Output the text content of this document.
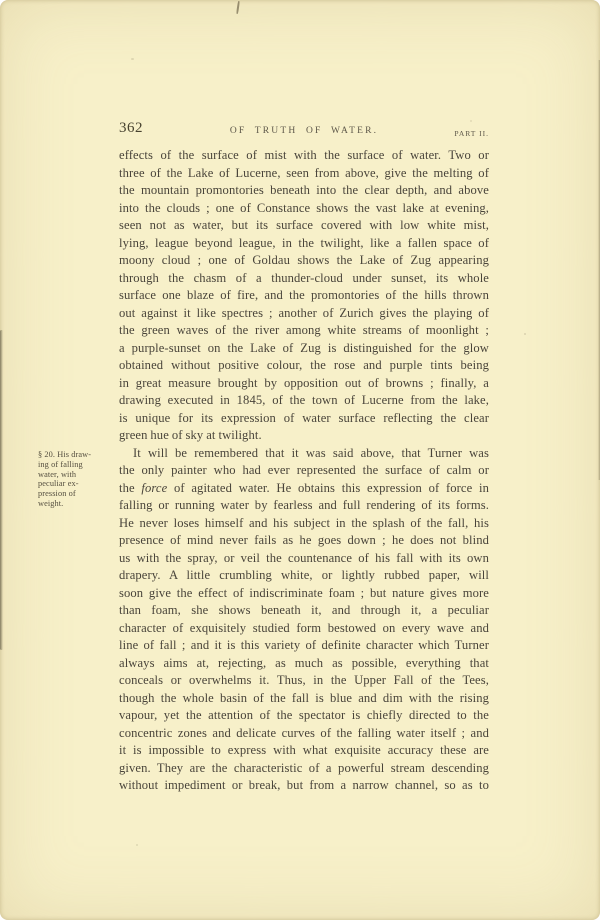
362	OF TRUTH OF WATER.	PART II.
§ 20. His draw-
ing of falling
water, with
peculiar ex-
pression of
weight.
effects of the surface of mist with the surface of water. Two or
three of the Lake of Lucerne, seen from above, give the melting of
the mountain promontories beneath into the clear depth, and above
into the clouds ; one of Constance shows the vast lake at evening,
seen not as water, but its surface covered with low white mist,
lying, league beyond league, in the twilight, like a fallen space of
moony cloud ; one of Goldau shows the Lake of Zug appearing
through the chasm of a thunder-cloud under sunset, its whole
surface one blaze of fire, and the promontories of the hills thrown
out against it like spectres ; another of Zurich gives the playing of
the green waves of the river among white streams of moonlight ;
a purple-sunset on the Lake of Zug is distinguished for the glow
obtained without positive colour, the rose and purple tints being
in great measure brought by opposition out of browns ; finally, a
drawing executed in 1845, of the town of Lucerne from the lake,
is unique for its expression of water surface reflecting the clear
green hue of sky at twilight.
It will be remembered that it was said above, that Turner was
the only painter who had ever represented the surface of calm or
the force of agitated water. He obtains this expression of force in
falling or running water by fearless and full rendering of its forms.
He never loses himself and his subject in the splash of the fall, his
presence of mind never fails as he goes down ; he does not blind
us with the spray, or veil the countenance of his fall with its own
drapery. A little crumbling white, or lightly rubbed paper, will
soon give the effect of indiscriminate foam ; but nature gives more
than foam, she shows beneath it, and through it, a peculiar
character of exquisitely studied form bestowed on every wave and
line of fall ; and it is this variety of definite character which Turner
always aims at, rejecting, as much as possible, everything that
conceals or overwhelms it. Thus, in the Upper Fall of the Tees,
though the whole basin of the fall is blue and dim with the rising
vapour, yet the attention of the spectator is chiefly directed to the
concentric zones and delicate curves of the falling water itself ; and
it is impossible to express with what exquisite accuracy these are
given. They are the characteristic of a powerful stream descending
without impediment or break, but from a narrow channel, so as to
